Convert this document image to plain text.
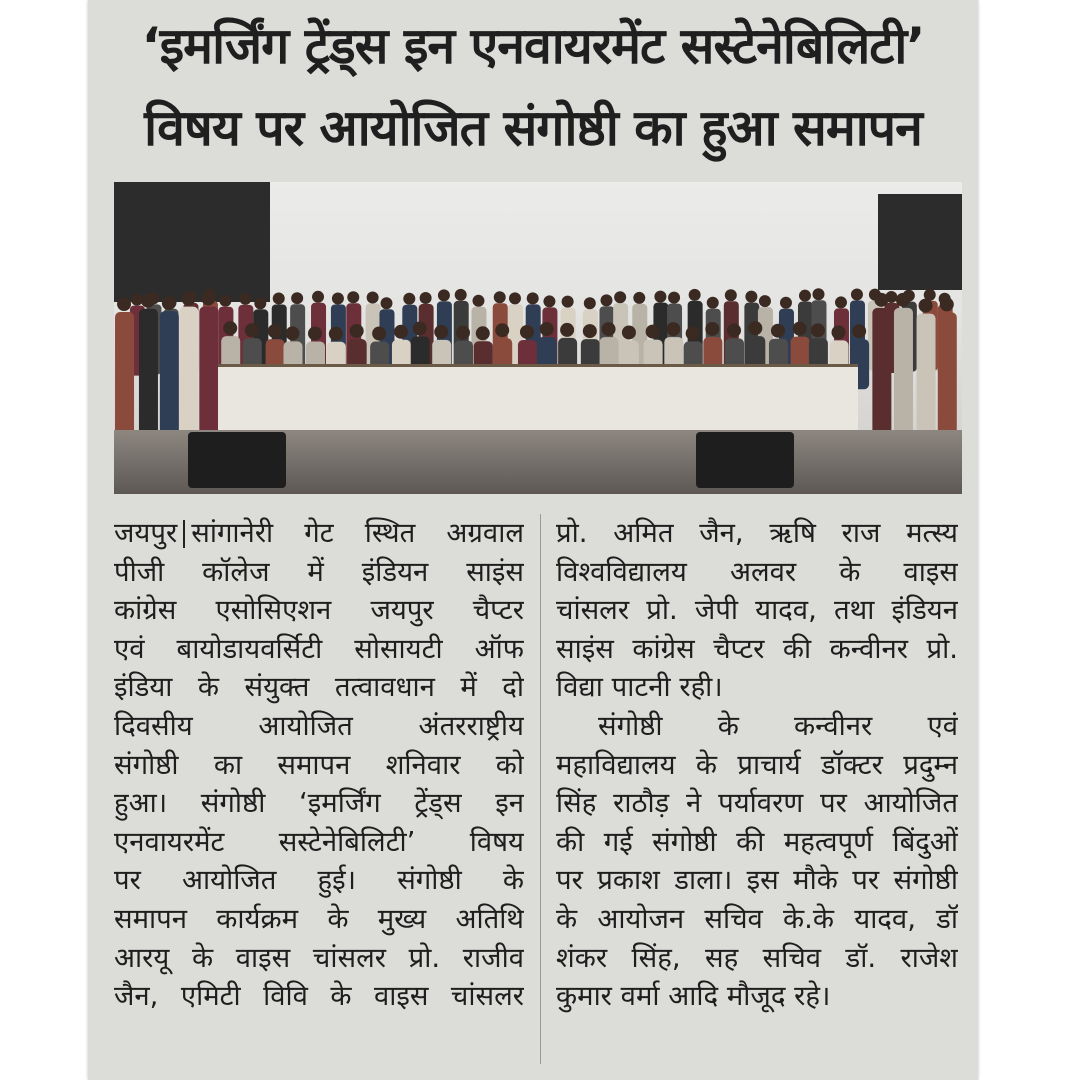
‘इमर्जिंग ट्रेंड्स इन एनवायरमेंट सस्टेनेबिलिटी’
विषय पर आयोजित संगोष्ठी का हुआ समापन
जयपुर सांगानेरी गेट स्थित अग्रवाल
पीजी कॉलेज में इंडियन साइंस
कांग्रेस एसोसिएशन जयपुर चैप्टर
एवं बायोडायवर्सिटी सोसायटी ऑफ
इंडिया के संयुक्त तत्वावधान में दो
दिवसीय आयोजित अंतरराष्ट्रीय
संगोष्ठी का समापन शनिवार को
हुआ। संगोष्ठी ‘इमर्जिंग ट्रेंड्स इन
एनवायरमेंट सस्टेनेबिलिटी’ विषय
पर आयोजित हुई। संगोष्ठी के
समापन कार्यक्रम के मुख्य अतिथि
आरयू के वाइस चांसलर प्रो. राजीव
जैन, एमिटी विवि के वाइस चांसलर
प्रो. अमित जैन, ऋषि राज मत्स्य
विश्वविद्यालय अलवर के वाइस
चांसलर प्रो. जेपी यादव, तथा इंडियन
साइंस कांग्रेस चैप्टर की कन्वीनर प्रो.
विद्या पाटनी रही।
संगोष्ठी के कन्वीनर एवं
महाविद्यालय के प्राचार्य डॉक्टर प्रदुम्न
सिंह राठौड़ ने पर्यावरण पर आयोजित
की गई संगोष्ठी की महत्वपूर्ण बिंदुओं
पर प्रकाश डाला। इस मौके पर संगोष्ठी
के आयोजन सचिव के.के यादव, डॉ
शंकर सिंह, सह सचिव डॉ. राजेश
कुमार वर्मा आदि मौजूद रहे।
